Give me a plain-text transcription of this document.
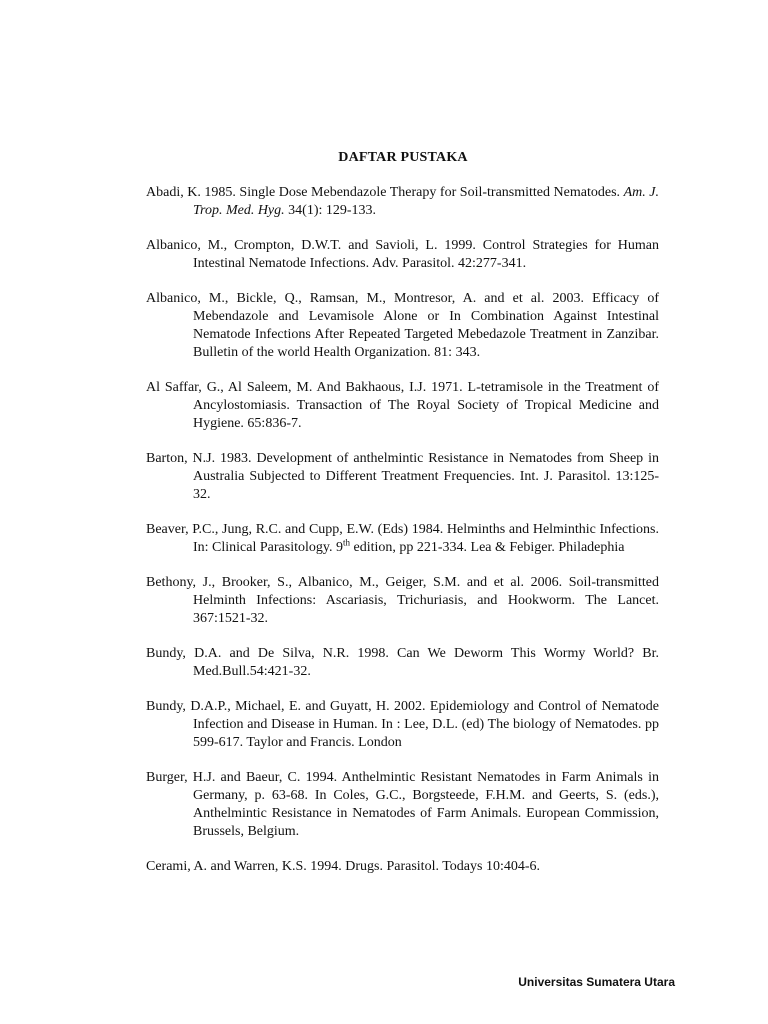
DAFTAR PUSTAKA

Abadi, K. 1985. Single Dose Mebendazole Therapy for Soil-transmitted Nematodes. Am. J. Trop. Med. Hyg. 34(1): 129-133.

Albanico, M., Crompton, D.W.T. and Savioli, L. 1999. Control Strategies for Human Intestinal Nematode Infections. Adv. Parasitol. 42:277-341.

Albanico, M., Bickle, Q., Ramsan, M., Montresor, A. and et al. 2003. Efficacy of Mebendazole and Levamisole Alone or In Combination Against Intestinal Nematode Infections After Repeated Targeted Mebedazole Treatment in Zanzibar. Bulletin of the world Health Organization. 81: 343.

Al Saffar, G., Al Saleem, M. And Bakhaous, I.J. 1971. L-tetramisole in the Treatment of Ancylostomiasis. Transaction of The Royal Society of Tropical Medicine and Hygiene. 65:836-7.

Barton, N.J. 1983. Development of anthelmintic Resistance in Nematodes from Sheep in Australia Subjected to Different Treatment Frequencies. Int. J. Parasitol. 13:125-32.

Beaver, P.C., Jung, R.C. and Cupp, E.W. (Eds) 1984. Helminths and Helminthic Infections. In: Clinical Parasitology. 9th edition, pp 221-334. Lea & Febiger. Philadephia

Bethony, J., Brooker, S., Albanico, M., Geiger, S.M. and et al. 2006. Soil-transmitted Helminth Infections: Ascariasis, Trichuriasis, and Hookworm. The Lancet. 367:1521-32.

Bundy, D.A. and De Silva, N.R. 1998. Can We Deworm This Wormy World? Br. Med.Bull.54:421-32.

Bundy, D.A.P., Michael, E. and Guyatt, H. 2002. Epidemiology and Control of Nematode Infection and Disease in Human. In : Lee, D.L. (ed) The biology of Nematodes. pp 599-617. Taylor and Francis. London

Burger, H.J. and Baeur, C. 1994. Anthelmintic Resistant Nematodes in Farm Animals in Germany, p. 63-68. In Coles, G.C., Borgsteede, F.H.M. and Geerts, S. (eds.), Anthelmintic Resistance in Nematodes of Farm Animals. European Commission, Brussels, Belgium.

Cerami, A. and Warren, K.S. 1994. Drugs. Parasitol. Todays 10:404-6.

Universitas Sumatera Utara
